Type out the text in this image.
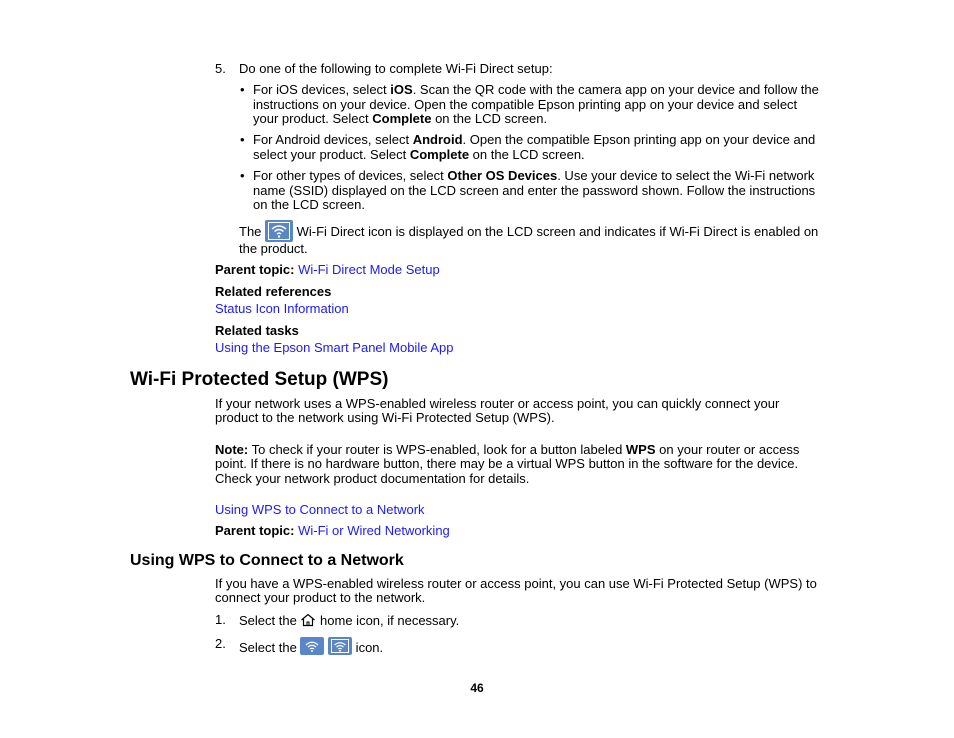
5. Do one of the following to complete Wi-Fi Direct setup:
• For iOS devices, select iOS. Scan the QR code with the camera app on your device and follow the
instructions on your device. Open the compatible Epson printing app on your device and select
your product. Select Complete on the LCD screen.
• For Android devices, select Android. Open the compatible Epson printing app on your device and
select your product. Select Complete on the LCD screen.
• For other types of devices, select Other OS Devices. Use your device to select the Wi-Fi network
name (SSID) displayed on the LCD screen and enter the password shown. Follow the instructions
on the LCD screen.
The
Wi-Fi Direct icon is displayed on the LCD screen and indicates if Wi-Fi Direct is enabled on
the product.
Parent topic: Wi-Fi Direct Mode Setup
Related references
Status Icon Information
Related tasks
Using the Epson Smart Panel Mobile App
Wi-Fi Protected Setup (WPS)
If your network uses a WPS-enabled wireless router or access point, you can quickly connect your
product to the network using Wi-Fi Protected Setup (WPS).
Note: To check if your router is WPS-enabled, look for a button labeled WPS on your router or access
point. If there is no hardware button, there may be a virtual WPS button in the software for the device.
Check your network product documentation for details.
Using WPS to Connect to a Network
Parent topic: Wi-Fi or Wired Networking
Using WPS to Connect to a Network
If you have a WPS-enabled wireless router or access point, you can use Wi-Fi Protected Setup (WPS) to
connect your product to the network.
1. Select the  home icon, if necessary.
2. Select the
	icon.
46
